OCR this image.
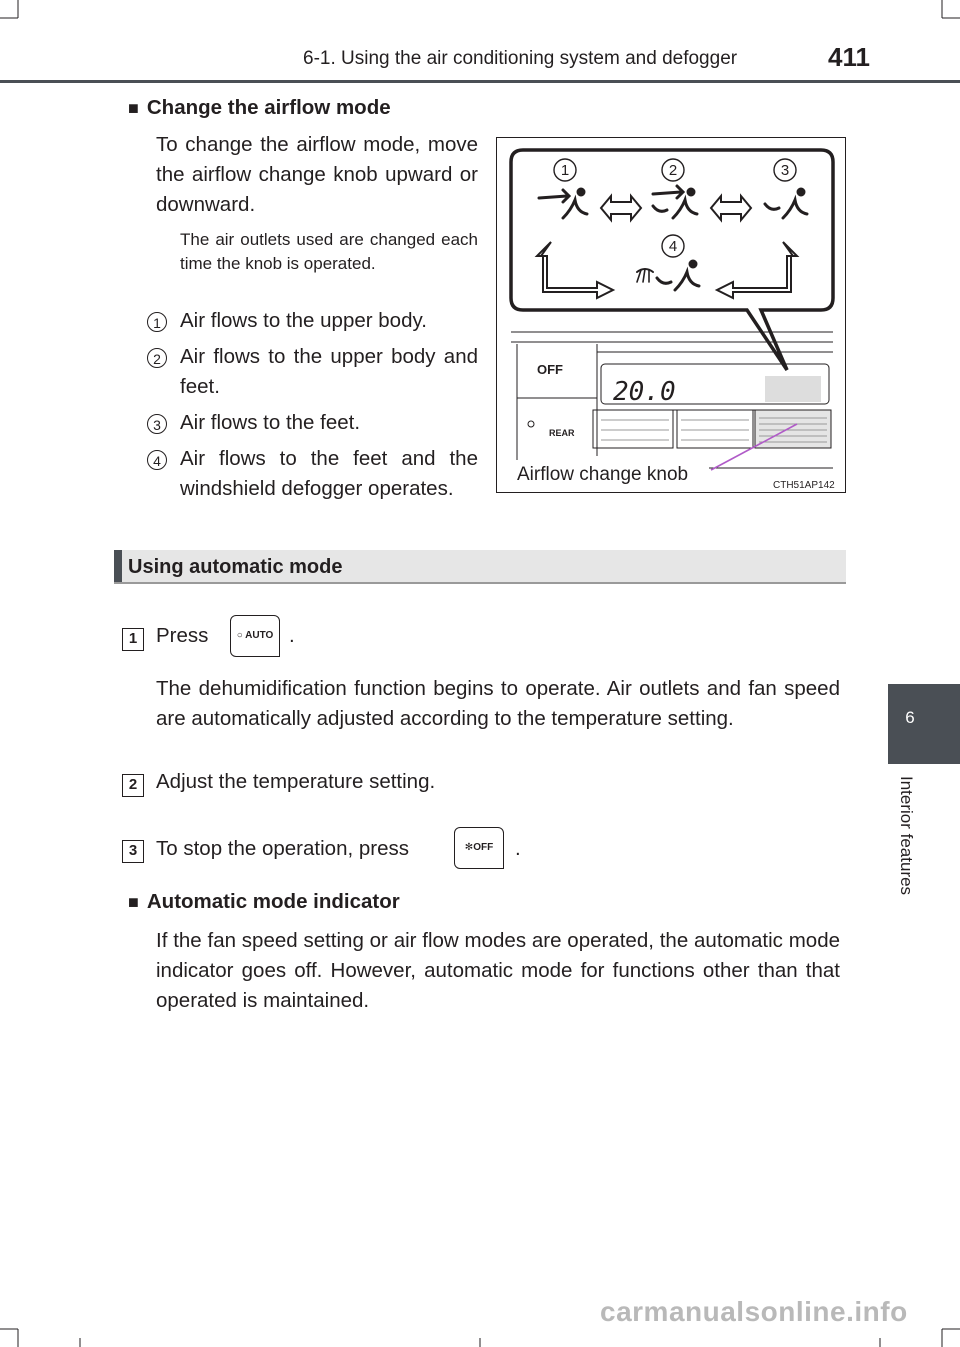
6-1. Using the air conditioning system and defogger	411
6
Interior features
■ Change the airflow mode
To change the airflow mode, move the airflow change knob upward or downward.
The air outlets used are changed each time the knob is operated.
1 Air flows to the upper body.
2 Air flows to the upper body and feet.
3 Air flows to the feet.
4 Air flows to the feet and the windshield defogger operates.
1	2	3
4
OFF
REAR
20.0
Airflow change knob
CTH51AP142
Using automatic mode
1 Press	○ AUTO .
The dehumidification function begins to operate. Air outlets and fan speed are automatically adjusted according to the temperature setting.
2 Adjust the temperature setting.
3 To stop the operation, press	✻OFF	.
■ Automatic mode indicator
If the fan speed setting or air flow modes are operated, the automatic mode indicator goes off. However, automatic mode for functions other than that operated is maintained.
carmanualsonline.info
